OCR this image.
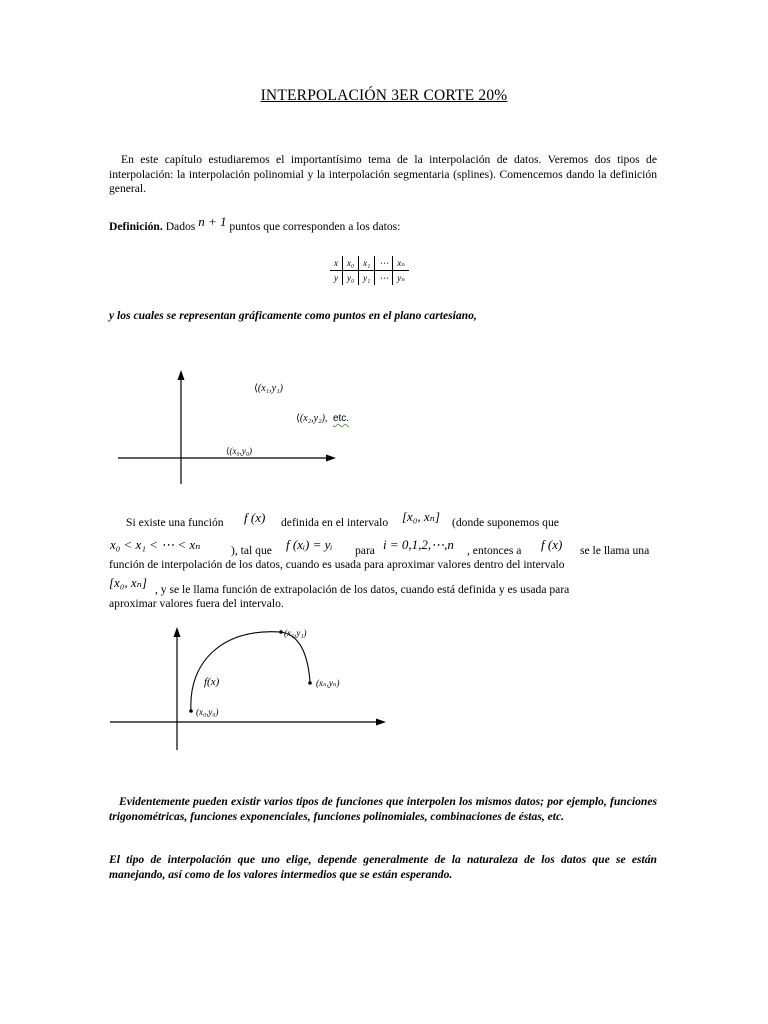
INTERPOLACIÓN 3ER CORTE 20%
En este capítulo estudiaremos el importantísimo tema de la interpolación de datos. Veremos dos tipos de interpolación: la interpolación polinomial y la interpolación segmentaria (splines). Comencemos dando la definición general.
Definición. Dados n + 1 puntos que corresponden a los datos:
x	x₀	x₁	⋯	xₙ
y	y₀	y₁	⋯	yₙ
y los cuales se representan gráficamente como puntos en el plano cartesiano,
⟨(x₁,y₁)
⟨(x₂,y₂), etc.
⟨(x₀,y₀)
Si existe una función f (x) definida en el intervalo [x₀, xₙ] (donde suponemos que
x₀ < x₁ < ⋯ < xₙ	), tal que f (xᵢ) = yᵢ para i = 0,1,2,⋯,n , entonces a f (x) se le llama una
función de interpolación de los datos, cuando es usada para aproximar valores dentro del intervalo
[x₀, xₙ] , y se le llama función de extrapolación de los datos, cuando está definida y es usada para
aproximar valores fuera del intervalo.
(x₁,y₁)
f(x)	(xₙ,yₙ)
(x₀,y₀)
Evidentemente pueden existir varios tipos de funciones que interpolen los mismos datos; por ejemplo, funciones trigonométricas, funciones exponenciales, funciones polinomiales, combinaciones de éstas, etc.
El tipo de interpolación que uno elige, depende generalmente de la naturaleza de los datos que se están manejando, así como de los valores intermedios que se están esperando.
